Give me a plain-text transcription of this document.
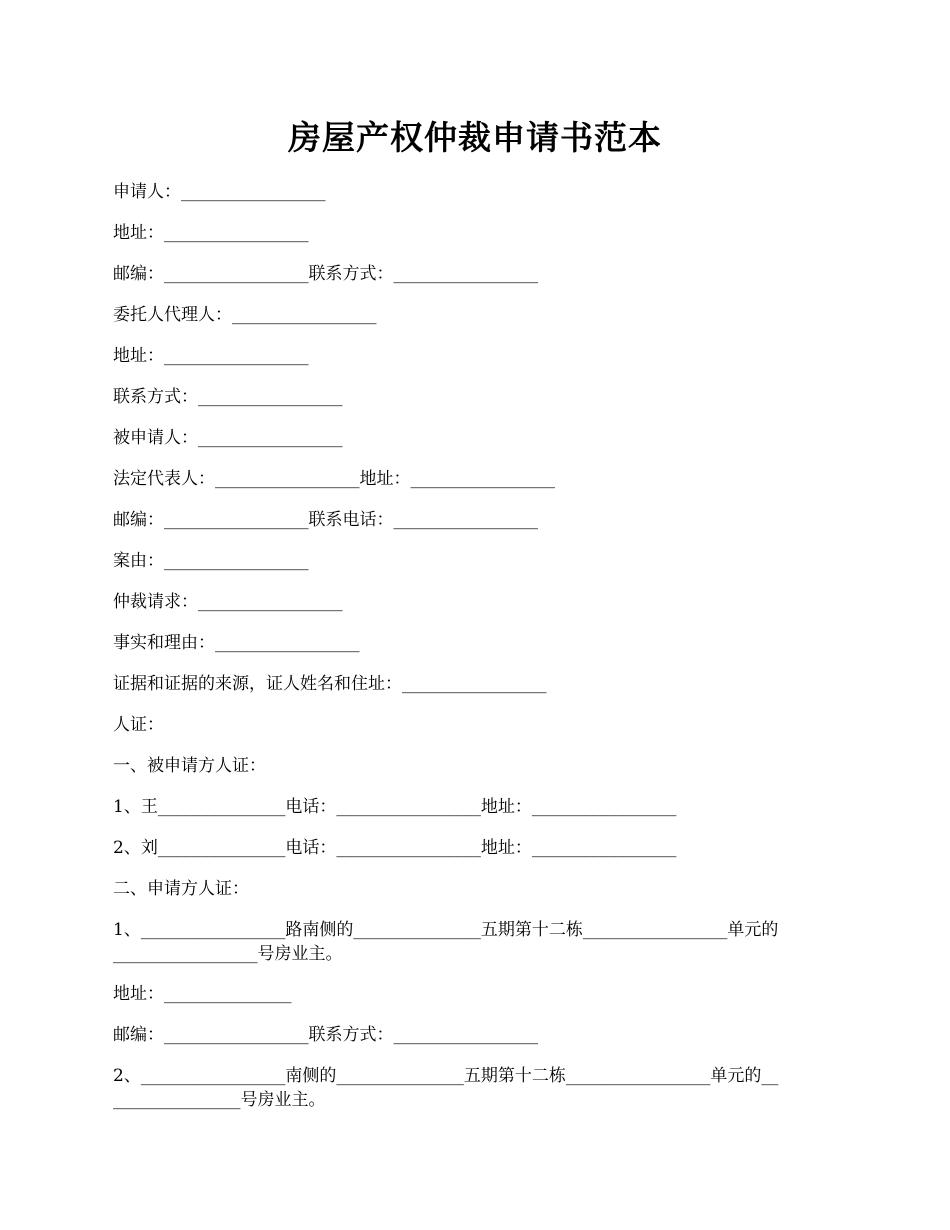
房屋产权仲裁申请书范本
申请人：_________________
地址：_________________
邮编：_________________联系方式：_________________
委托人代理人：_________________
地址：_________________
联系方式：_________________
被申请人：_________________
法定代表人：_________________地址：_________________
邮编：_________________联系电话：_________________
案由：_________________
仲裁请求：_________________
事实和理由：_________________
证据和证据的来源，证人姓名和住址：_________________
人证：
一、被申请方人证：
1、王_______________电话：_________________地址：_________________
2、刘_______________电话：_________________地址：_________________
二、申请方人证：
1、_________________路南侧的_______________五期第十二栋_________________单元的_________________号房业主。
地址：_______________
邮编：_________________联系方式：_________________
2、_________________南侧的_______________五期第十二栋_________________单元的__ _______________号房业主。
